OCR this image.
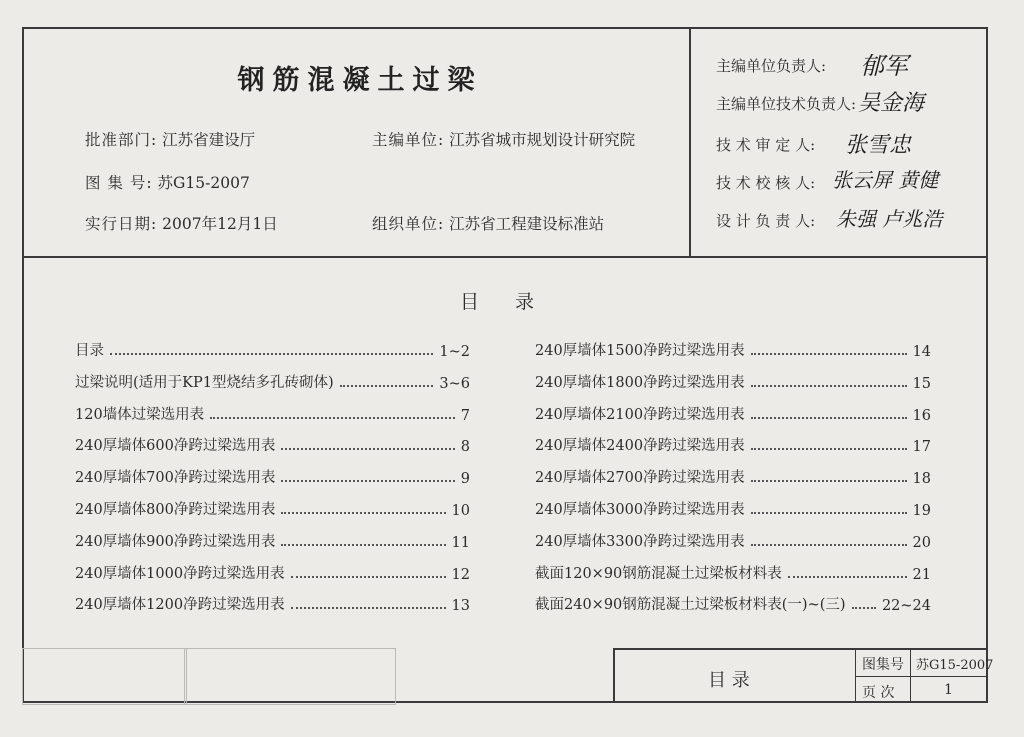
钢筋混凝土过梁
批准部门: 江苏省建设厅	主编单位: 江苏省城市规划设计研究院
图 集 号: 苏G15-2007
实行日期: 2007年12月1日	组织单位: 江苏省工程建设标准站
主编单位负责人: 郁军
主编单位技术负责人: 吴金海
技 术 审 定 人: 张雪忠
技 术 校 核 人: 张云屏 黄健
设 计 负 责 人: 朱强 卢兆浩
目录
目录	1~2
过梁说明(适用于KP1型烧结多孔砖砌体)	3~6
120墙体过梁选用表	7
240厚墙体600净跨过梁选用表	8
240厚墙体700净跨过梁选用表	9
240厚墙体800净跨过梁选用表	10
240厚墙体900净跨过梁选用表	11
240厚墙体1000净跨过梁选用表	12
240厚墙体1200净跨过梁选用表	13
240厚墙体1500净跨过梁选用表	14
240厚墙体1800净跨过梁选用表	15
240厚墙体2100净跨过梁选用表	16
240厚墙体2400净跨过梁选用表	17
240厚墙体2700净跨过梁选用表	18
240厚墙体3000净跨过梁选用表	19
240厚墙体3300净跨过梁选用表	20
截面120×90钢筋混凝土过梁板材料表	21
截面240×90钢筋混凝土过梁板材料表(一)~(三)	22~24
目 录
图集号 苏G15-2007
页 次	1
